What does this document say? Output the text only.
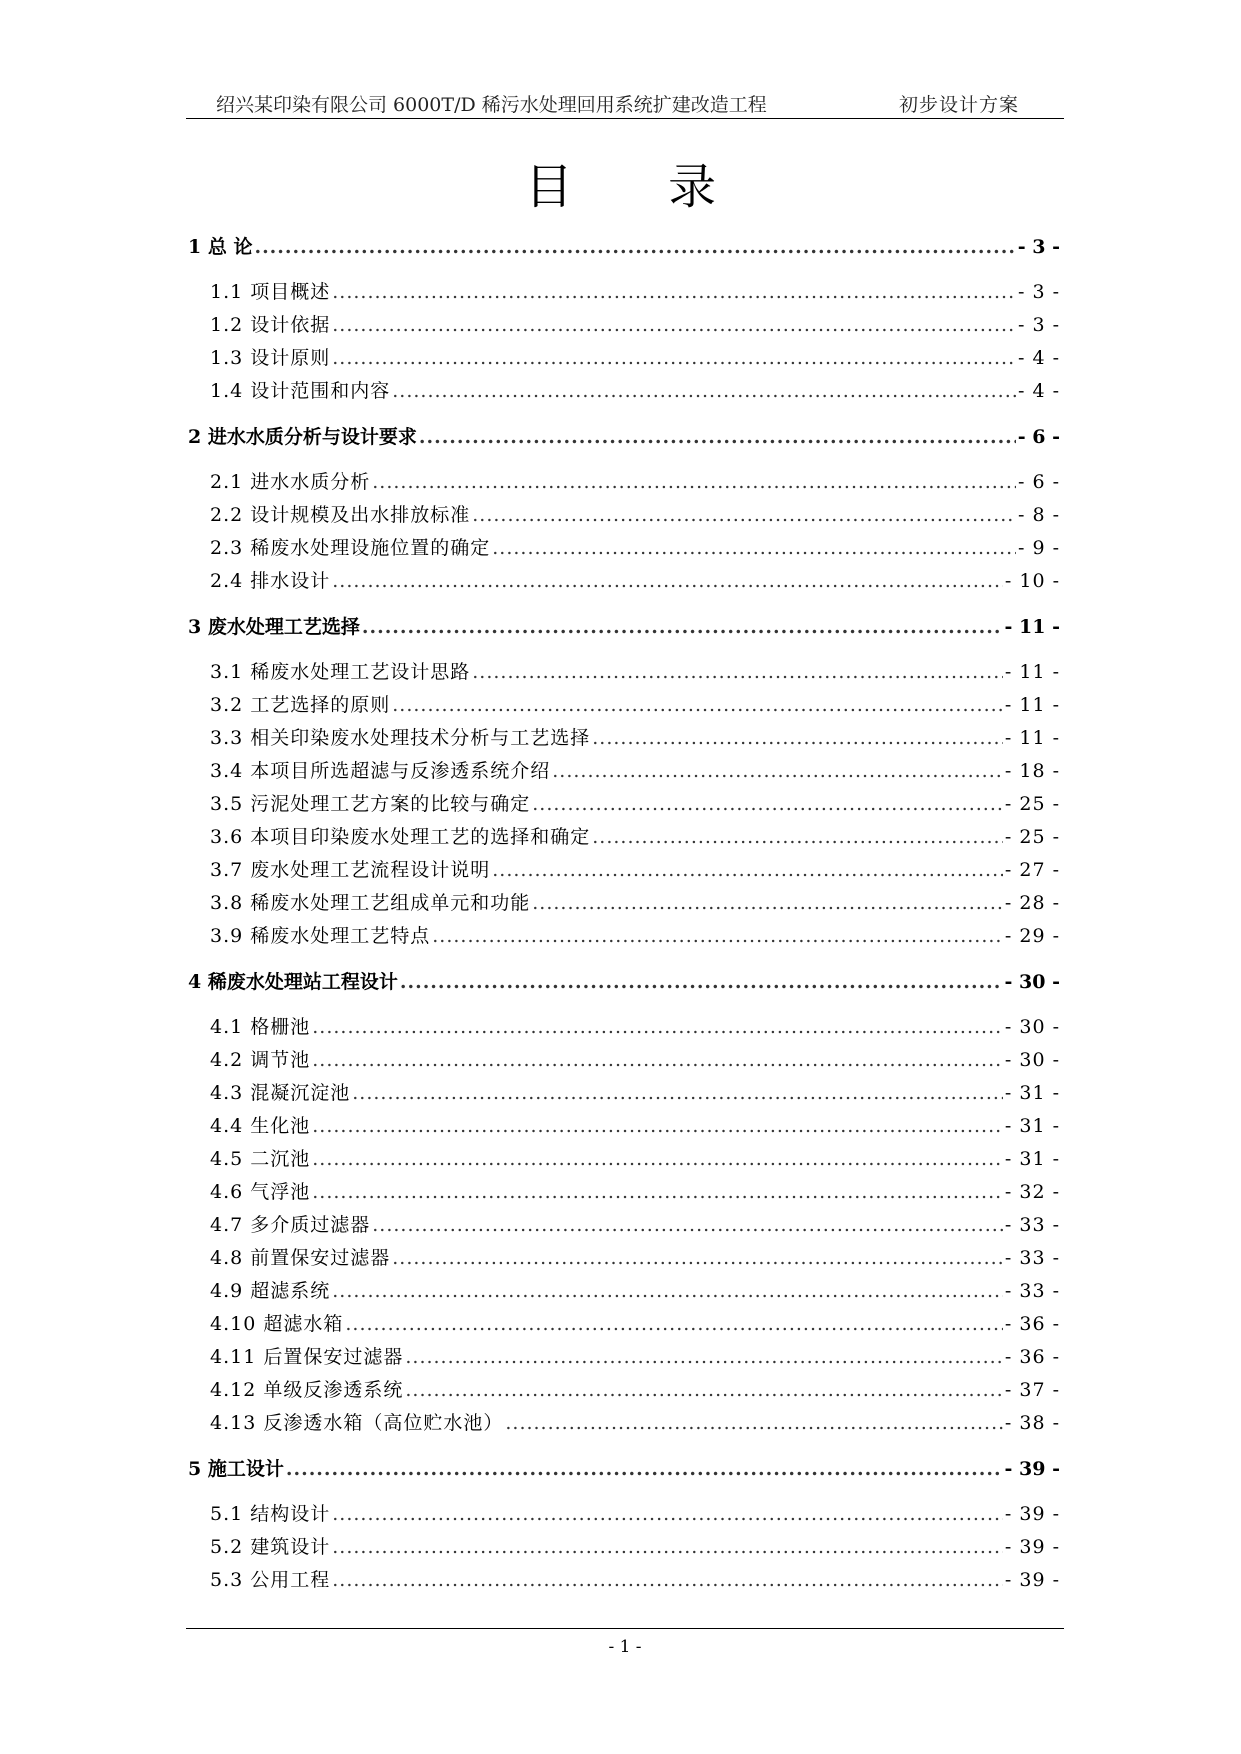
绍兴某印染有限公司 6000T/D 稀污水处理回用系统扩建改造工程	初步设计方案
目 录
1 总 论 .....	- 3 -
1.1 项目概述 .....	- 3 -
1.2 设计依据 .....	- 3 -
1.3 设计原则 .....	- 4 -
1.4 设计范围和内容 .....	- 4 -
2 进水水质分析与设计要求 .....	- 6 -
2.1 进水水质分析 .....	- 6 -
2.2 设计规模及出水排放标准 .....	- 8 -
2.3 稀废水处理设施位置的确定 .....	- 9 -
2.4 排水设计 .....	- 10 -
3 废水处理工艺选择 .....	- 11 -
3.1 稀废水处理工艺设计思路 .....	- 11 -
3.2 工艺选择的原则 .....	- 11 -
3.3 相关印染废水处理技术分析与工艺选择 .....	- 11 -
3.4 本项目所选超滤与反渗透系统介绍 .....	- 18 -
3.5 污泥处理工艺方案的比较与确定 .....	- 25 -
3.6 本项目印染废水处理工艺的选择和确定 .....	- 25 -
3.7 废水处理工艺流程设计说明 .....	- 27 -
3.8 稀废水处理工艺组成单元和功能 .....	- 28 -
3.9 稀废水处理工艺特点 .....	- 29 -
4 稀废水处理站工程设计 .....	- 30 -
4.1 格栅池 .....	- 30 -
4.2 调节池 .....	- 30 -
4.3 混凝沉淀池 .....	- 31 -
4.4 生化池 .....	- 31 -
4.5 二沉池 .....	- 31 -
4.6 气浮池 .....	- 32 -
4.7 多介质过滤器 .....	- 33 -
4.8 前置保安过滤器 .....	- 33 -
4.9 超滤系统 .....	- 33 -
4.10 超滤水箱 .....	- 36 -
4.11 后置保安过滤器 .....	- 36 -
4.12 单级反渗透系统 .....	- 37 -
4.13 反渗透水箱（高位贮水池） .....	- 38 -
5 施工设计 .....	- 39 -
5.1 结构设计 .....	- 39 -
5.2 建筑设计 .....	- 39 -
5.3 公用工程 .....	- 39 -
- 1 -
